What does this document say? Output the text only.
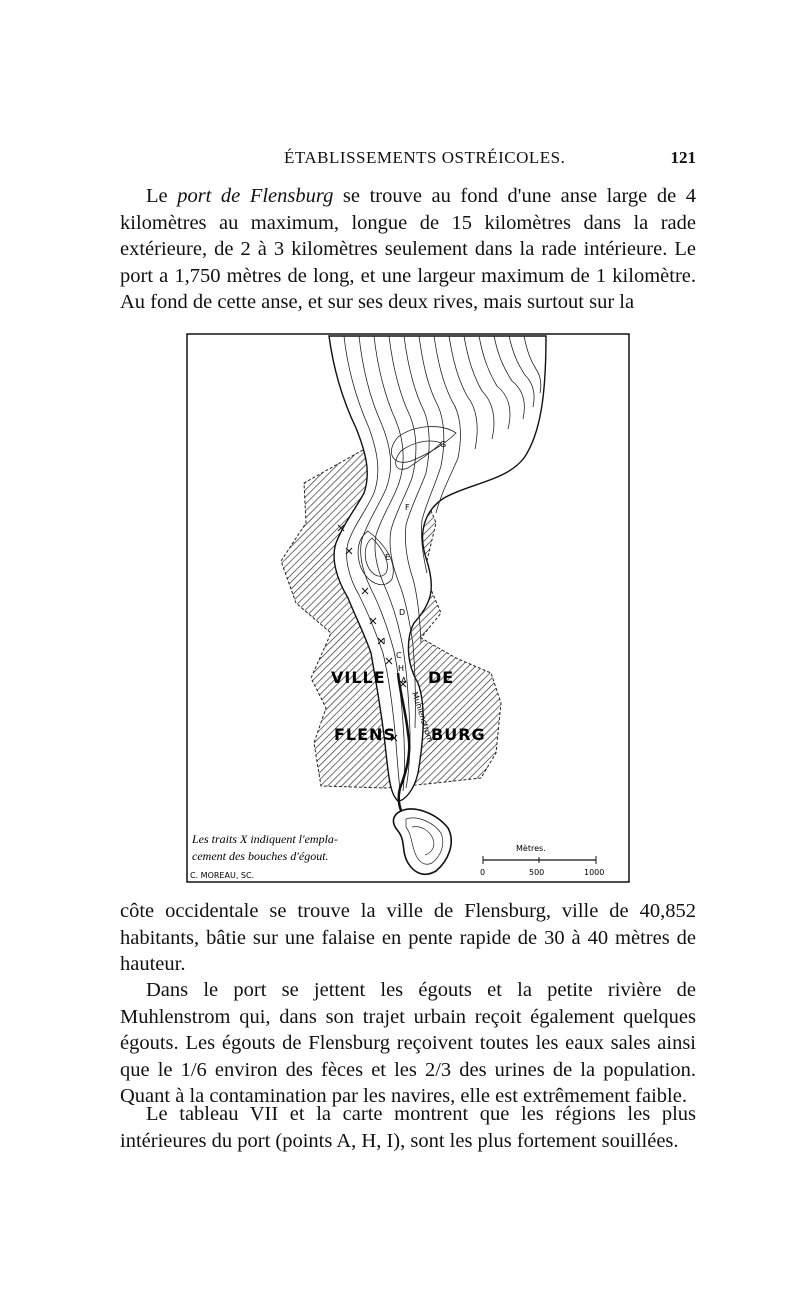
ÉTABLISSEMENTS OSTRÉICOLES.	121

Le port de Flensburg se trouve au fond d'une anse large de 4 kilomètres au maximum, longue de 15 kilomètres dans la rade extérieure, de 2 à 3 kilomètres seulement dans la rade intérieure. Le port a 1,750 mètres de long, et une largeur maximum de 1 kilomètre. Au fond de cette anse, et sur ses deux rives, mais surtout sur la

G
F
E
D
I
C
A
H
VILLE	DE
FLENS BURG
Muhlenstrom
Les traits X indiquent l'empla-
cement des bouches d'égout.
C. MOREAU, SC.
Mètres.
0	500	1000

côte occidentale se trouve la ville de Flensburg, ville de 40,852 habitants, bâtie sur une falaise en pente rapide de 30 à 40 mètres de hauteur.

Dans le port se jettent les égouts et la petite rivière de Muhlenstrom qui, dans son trajet urbain reçoit également quelques égouts. Les égouts de Flensburg reçoivent toutes les eaux sales ainsi que le 1/6 environ des fèces et les 2/3 des urines de la population. Quant à la contamination par les navires, elle est extrêmement faible.

Le tableau VII et la carte montrent que les régions les plus intérieures du port (points A, H, I), sont les plus fortement souillées.
